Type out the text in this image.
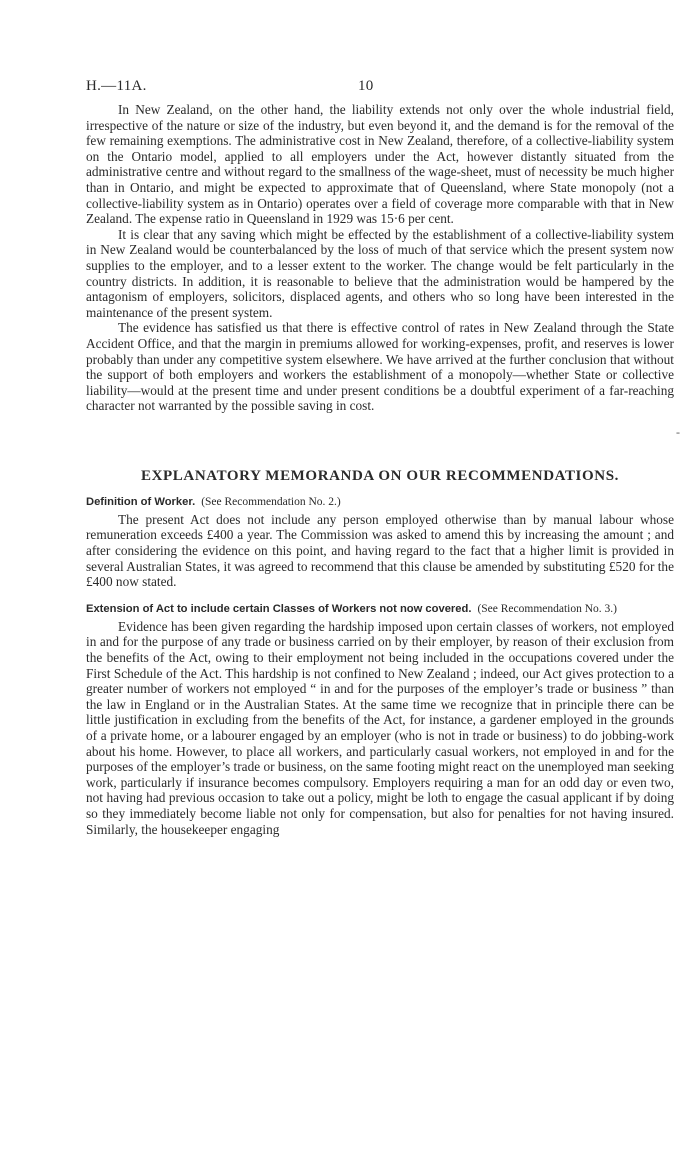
-
H.—11A.	10

In New Zealand, on the other hand, the liability extends not only over the whole industrial field, irrespective of the nature or size of the industry, but even beyond it, and the demand is for the removal of the few remaining exemptions. The administrative cost in New Zealand, therefore, of a collective-liability system on the Ontario model, applied to all employers under the Act, however distantly situated from the administrative centre and without regard to the smallness of the wage-sheet, must of necessity be much higher than in Ontario, and might be expected to approximate that of Queensland, where State monopoly (not a collective-liability system as in Ontario) operates over a field of coverage more comparable with that in New Zealand. The expense ratio in Queensland in 1929 was 15·6 per cent.

It is clear that any saving which might be effected by the establishment of a collective-liability system in New Zealand would be counterbalanced by the loss of much of that service which the present system now supplies to the employer, and to a lesser extent to the worker. The change would be felt particularly in the country districts. In addition, it is reasonable to believe that the administration would be hampered by the antagonism of employers, solicitors, displaced agents, and others who so long have been interested in the maintenance of the present system.

The evidence has satisfied us that there is effective control of rates in New Zealand through the State Accident Office, and that the margin in premiums allowed for working-expenses, profit, and reserves is lower probably than under any competitive system elsewhere. We have arrived at the further conclusion that without the support of both employers and workers the establishment of a monopoly—whether State or collective liability—would at the present time and under present conditions be a doubtful experiment of a far-reaching character not warranted by the possible saving in cost.

EXPLANATORY MEMORANDA ON OUR RECOMMENDATIONS.

Definition of Worker. (See Recommendation No. 2.)

The present Act does not include any person employed otherwise than by manual labour whose remuneration exceeds £400 a year. The Commission was asked to amend this by increasing the amount ; and after considering the evidence on this point, and having regard to the fact that a higher limit is provided in several Australian States, it was agreed to recommend that this clause be amended by substituting £520 for the £400 now stated.

Extension of Act to include certain Classes of Workers not now covered. (See Recommendation No. 3.)

Evidence has been given regarding the hardship imposed upon certain classes of workers, not employed in and for the purpose of any trade or business carried on by their employer, by reason of their exclusion from the benefits of the Act, owing to their employment not being included in the occupations covered under the First Schedule of the Act. This hardship is not confined to New Zealand ; indeed, our Act gives protection to a greater number of workers not employed “ in and for the purposes of the employer’s trade or business ” than the law in England or in the Australian States. At the same time we recognize that in principle there can be little justification in excluding from the benefits of the Act, for instance, a gardener employed in the grounds of a private home, or a labourer engaged by an employer (who is not in trade or business) to do jobbing-work about his home. However, to place all workers, and particularly casual workers, not employed in and for the purposes of the employer’s trade or business, on the same footing might react on the unemployed man seeking work, particularly if insurance becomes compulsory. Employers requiring a man for an odd day or even two, not having had previous occasion to take out a policy, might be loth to engage the casual applicant if by doing so they immediately become liable not only for compensation, but also for penalties for not having insured. Similarly, the housekeeper engaging
